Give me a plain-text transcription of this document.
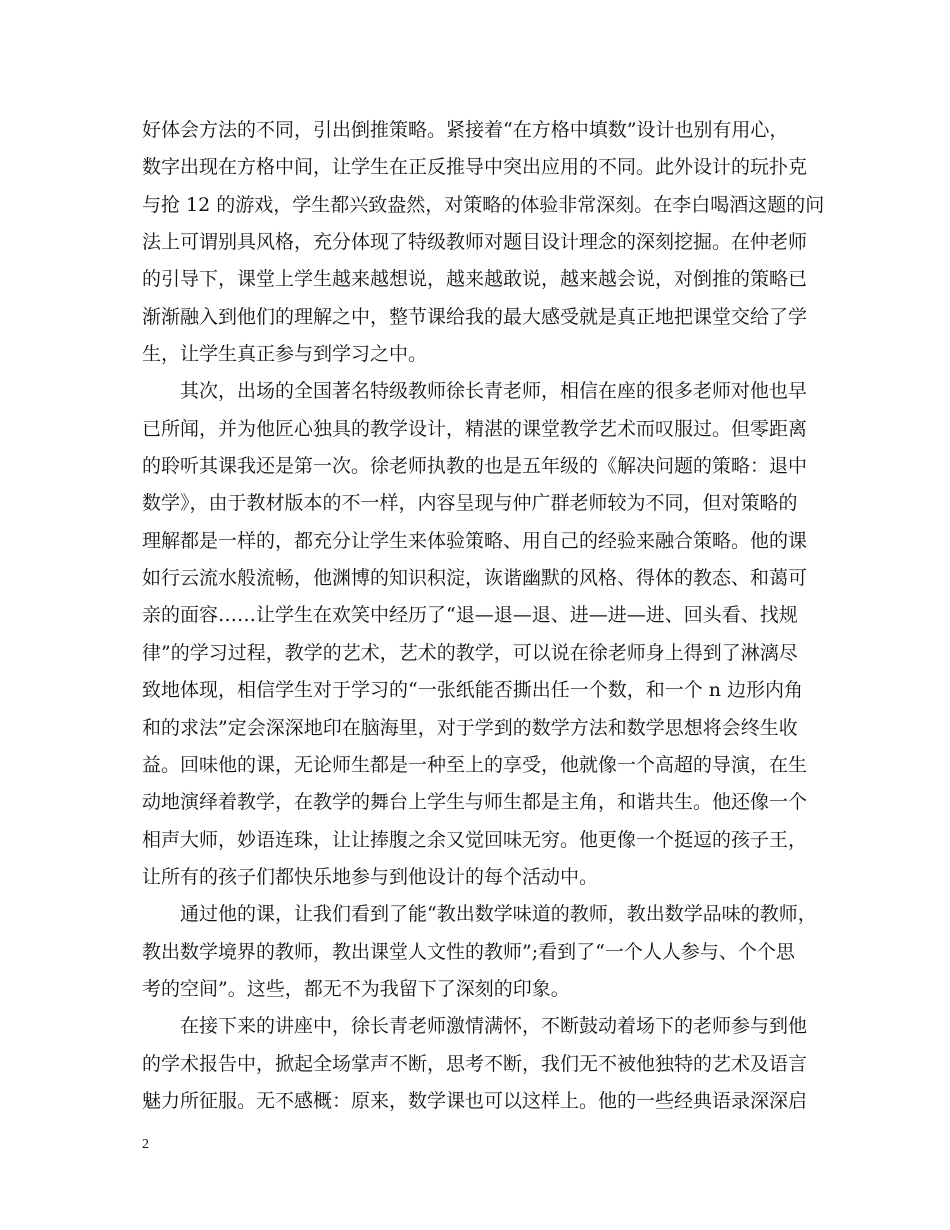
好体会方法的不同，引出倒推策略。紧接着“在方格中填数”设计也别有用心，
数字出现在方格中间，让学生在正反推导中突出应用的不同。此外设计的玩扑克
与抢 12 的游戏，学生都兴致盎然，对策略的体验非常深刻。在李白喝酒这题的问
法上可谓别具风格，充分体现了特级教师对题目设计理念的深刻挖掘。在仲老师
的引导下，课堂上学生越来越想说，越来越敢说，越来越会说，对倒推的策略已
渐渐融入到他们的理解之中，整节课给我的最大感受就是真正地把课堂交给了学
生，让学生真正参与到学习之中。
其次，出场的全国著名特级教师徐长青老师，相信在座的很多老师对他也早
已所闻，并为他匠心独具的教学设计，精湛的课堂教学艺术而叹服过。但零距离
的聆听其课我还是第一次。徐老师执教的也是五年级的《解决问题的策略：退中
数学》，由于教材版本的不一样，内容呈现与仲广群老师较为不同，但对策略的
理解都是一样的，都充分让学生来体验策略、用自己的经验来融合策略。他的课
如行云流水般流畅，他渊博的知识积淀，诙谐幽默的风格、得体的教态、和蔼可
亲的面容……让学生在欢笑中经历了“退—退—退、进—进—进、回头看、找规
律”的学习过程，教学的艺术，艺术的教学，可以说在徐老师身上得到了淋漓尽
致地体现，相信学生对于学习的“一张纸能否撕出任一个数，和一个 n 边形内角
和的求法”定会深深地印在脑海里，对于学到的数学方法和数学思想将会终生收
益。回味他的课，无论师生都是一种至上的享受，他就像一个高超的导演，在生
动地演绎着教学，在教学的舞台上学生与师生都是主角，和谐共生。他还像一个
相声大师，妙语连珠，让让捧腹之余又觉回味无穷。他更像一个挺逗的孩子王，
让所有的孩子们都快乐地参与到他设计的每个活动中。
通过他的课，让我们看到了能“教出数学味道的教师，教出数学品味的教师，
教出数学境界的教师，教出课堂人文性的教师”;看到了“一个人人参与、个个思
考的空间”。这些，都无不为我留下了深刻的印象。
在接下来的讲座中，徐长青老师激情满怀，不断鼓动着场下的老师参与到他
的学术报告中，掀起全场掌声不断，思考不断，我们无不被他独特的艺术及语言
魅力所征服。无不感概：原来，数学课也可以这样上。他的一些经典语录深深启
2
